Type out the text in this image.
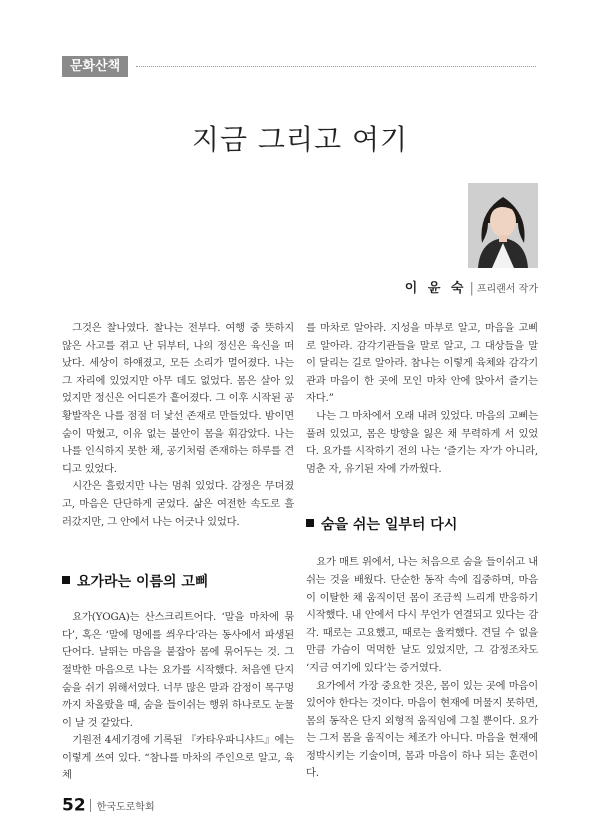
문화산책
지금 그리고 여기
이 윤 숙 | 프리랜서 작가

그것은 찰나였다. 찰나는 전부다. 여행 중 뜻하지 않은 사고를 겪고 난 뒤부터, 나의 정신은 육신을 떠났다. 세상이 하얘졌고, 모든 소리가 멀어졌다. 나는 그 자리에 있었지만 아무 데도 없었다. 몸은 살아 있었지만 정신은 어디론가 흩어졌다. 그 이후 시작된 공황발작은 나를 점점 더 낯선 존재로 만들었다. 밤이면 숨이 막혔고, 이유 없는 불안이 몸을 휘감았다. 나는 나를 인식하지 못한 채, 공기처럼 존재하는 하루를 견디고 있었다.

시간은 흘렀지만 나는 멈춰 있었다. 감정은 무뎌졌고, 마음은 단단하게 굳었다. 삶은 여전한 속도로 흘러갔지만, 그 안에서 나는 어긋나 있었다.

요가라는 이름의 고삐

요가(YOGA)는 산스크리트어다. ‘말을 마차에 묶다’, 혹은 ‘말에 멍에를 씌우다’라는 동사에서 파생된 단어다. 날뛰는 마음을 붙잡아 몸에 묶어두는 것. 그 절박한 마음으로 나는 요가를 시작했다. 처음엔 단지 숨을 쉬기 위해서였다. 너무 많은 말과 감정이 목구멍까지 차올랐을 때, 숨을 들이쉬는 행위 하나로도 눈물이 날 것 같았다.

기원전 4세기경에 기록된 『카타우파니샤드』에는 이렇게 쓰여 있다. “참나를 마차의 주인으로 알고, 육체

를 마차로 알아라. 지성을 마부로 알고, 마음을 고삐로 알아라. 감각기관들을 말로 알고, 그 대상들을 말이 달리는 길로 알아라. 참나는 이렇게 육체와 감각기관과 마음이 한 곳에 모인 마차 안에 앉아서 즐기는 자다.”

나는 그 마차에서 오래 내려 있었다. 마음의 고삐는 풀려 있었고, 몸은 방향을 잃은 채 무력하게 서 있었다. 요가를 시작하기 전의 나는 ‘즐기는 자’가 아니라, 멈춘 자, 유기된 자에 가까웠다.

숨을 쉬는 일부터 다시

요가 매트 위에서, 나는 처음으로 숨을 들이쉬고 내쉬는 것을 배웠다. 단순한 동작 속에 집중하며, 마음이 이탈한 채 움직이던 몸이 조금씩 느리게 반응하기 시작했다. 내 안에서 다시 무언가 연결되고 있다는 감각. 때로는 고요했고, 때로는 울컥했다. 견딜 수 없을 만큼 가슴이 먹먹한 날도 있었지만, 그 감정조차도 ‘지금 여기에 있다’는 증거였다.

요가에서 가장 중요한 것은, 몸이 있는 곳에 마음이 있어야 한다는 것이다. 마음이 현재에 머물지 못하면, 몸의 동작은 단지 외형적 움직임에 그칠 뿐이다. 요가는 그저 몸을 움직이는 체조가 아니다. 마음을 현재에 정박시키는 기술이며, 몸과 마음이 하나 되는 훈련이다.

52 한국도로학회
